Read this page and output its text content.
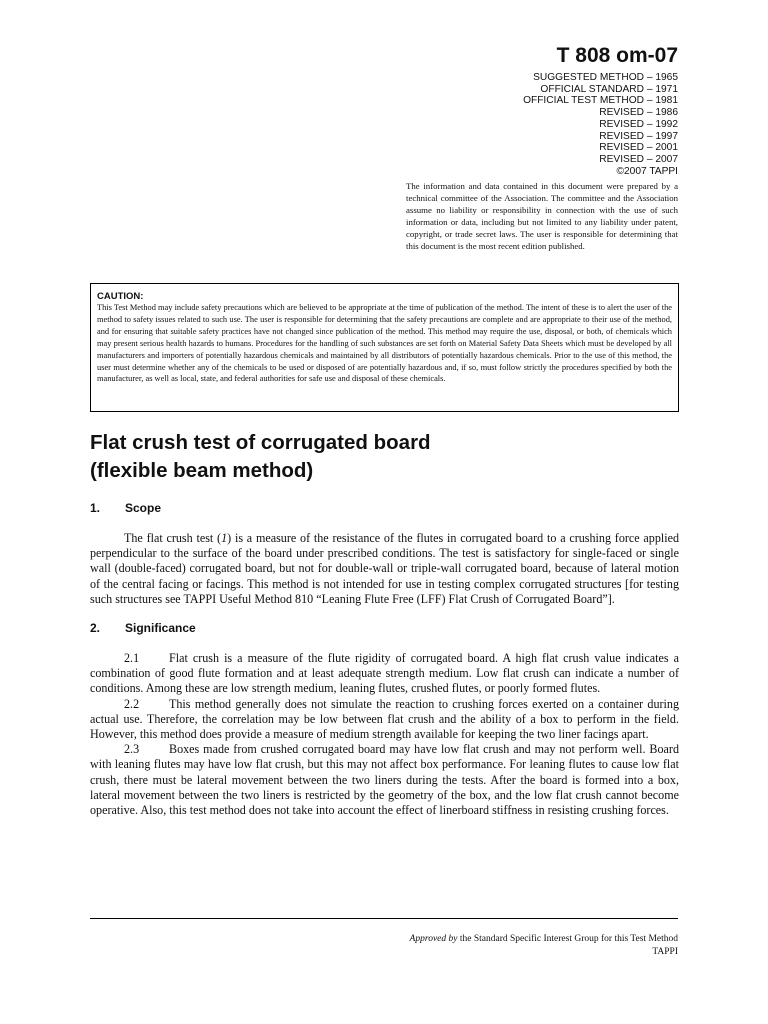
T 808 om-07
SUGGESTED METHOD – 1965
OFFICIAL STANDARD – 1971
OFFICIAL TEST METHOD – 1981
REVISED – 1986
REVISED – 1992
REVISED – 1997
REVISED – 2001
REVISED – 2007
©2007 TAPPI
The information and data contained in this document were prepared by a technical committee of the Association. The committee and the Association assume no liability or responsibility in connection with the use of such information or data, including but not limited to any liability under patent, copyright, or trade secret laws. The user is responsible for determining that this document is the most recent edition published.
CAUTION:
This Test Method may include safety precautions which are believed to be appropriate at the time of publication of the method. The intent of these is to alert the user of the method to safety issues related to such use. The user is responsible for determining that the safety precautions are complete and are appropriate to their use of the method, and for ensuring that suitable safety practices have not changed since publication of the method. This method may require the use, disposal, or both, of chemicals which may present serious health hazards to humans. Procedures for the handling of such substances are set forth on Material Safety Data Sheets which must be developed by all manufacturers and importers of potentially hazardous chemicals and maintained by all distributors of potentially hazardous chemicals. Prior to the use of this method, the user must determine whether any of the chemicals to be used or disposed of are potentially hazardous and, if so, must follow strictly the procedures specified by both the manufacturer, as well as local, state, and federal authorities for safe use and disposal of these chemicals.
Flat crush test of corrugated board
(flexible beam method)
1. Scope

The flat crush test (1) is a measure of the resistance of the flutes in corrugated board to a crushing force applied perpendicular to the surface of the board under prescribed conditions. The test is satisfactory for single-faced or single wall (double-faced) corrugated board, but not for double-wall or triple-wall corrugated board, because of lateral motion of the central facing or facings. This method is not intended for use in testing complex corrugated structures [for testing such structures see TAPPI Useful Method 810 “Leaning Flute Free (LFF) Flat Crush of Corrugated Board”].

2. Significance

2.1 Flat crush is a measure of the flute rigidity of corrugated board. A high flat crush value indicates a combination of good flute formation and at least adequate strength medium. Low flat crush can indicate a number of conditions. Among these are low strength medium, leaning flutes, crushed flutes, or poorly formed flutes.

2.2 This method generally does not simulate the reaction to crushing forces exerted on a container during actual use. Therefore, the correlation may be low between flat crush and the ability of a box to perform in the field. However, this method does provide a measure of medium strength available for keeping the two liner facings apart.

2.3 Boxes made from crushed corrugated board may have low flat crush and may not perform well. Board with leaning flutes may have low flat crush, but this may not affect box performance. For leaning flutes to cause low flat crush, there must be lateral movement between the two liners during the tests. After the board is formed into a box, lateral movement between the two liners is restricted by the geometry of the box, and the low flat crush cannot become operative. Also, this test method does not take into account the effect of linerboard stiffness in resisting crushing forces.

Approved by the Standard Specific Interest Group for this Test Method
TAPPI
